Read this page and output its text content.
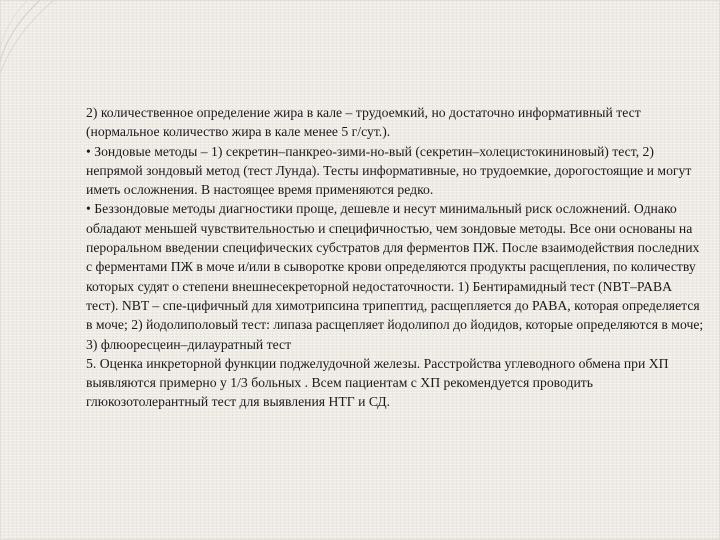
2) количественное определение жира в кале – трудоемкий, но достаточно информативный тест (нормальное количество жира в кале менее 5 г/сут.).

• Зондовые методы – 1) секретин–панкрео-зими-но-вый (секретин–холецистокининовый) тест, 2) непрямой зондовый метод (тест Лунда). Тесты информативные, но трудоемкие, дорогостоящие и могут иметь осложнения. В настоящее время применяются редко.

• Беззондовые методы диагностики проще, дешевле и несут минимальный риск осложнений. Однако обладают меньшей чувствительностью и специфичностью, чем зондовые методы. Все они основаны на пероральном введении специфических субстратов для ферментов ПЖ. После взаимодействия последних с ферментами ПЖ в моче и/или в сыворотке крови определяются продукты расщепления, по количеству которых судят о степени внешнесекреторной недостаточности. 1) Бентирамидный тест (NBT–PABA тест). NBT – спе-цифичный для химотрипсина трипептид, расщепляется до PABA, которая определяется в моче; 2) йодолиполовый тест: липаза расщепляет йодолипол до йодидов, которые определяются в моче; 3) флюоресцеин–дилауратный тест

5. Оценка инкреторной функции поджелудочной железы. Расстройства углеводного обмена при ХП выявляются примерно у 1/3 больных . Всем пациентам с ХП рекомендуется проводить глюкозотолерантный тест для выявления НТГ и СД.
